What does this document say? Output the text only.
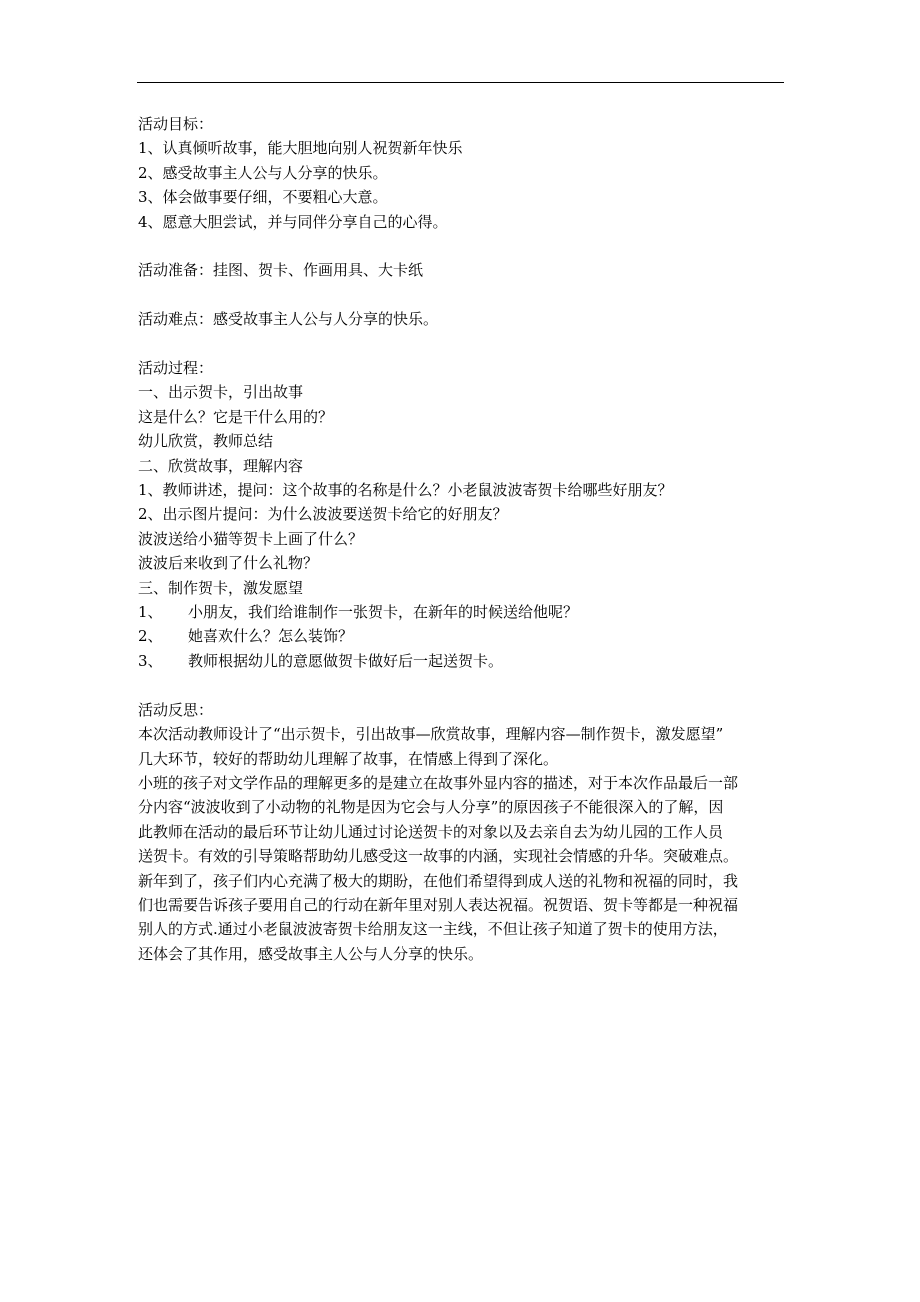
活动目标：
1、认真倾听故事，能大胆地向别人祝贺新年快乐
2、感受故事主人公与人分享的快乐。
3、体会做事要仔细，不要粗心大意。
4、愿意大胆尝试，并与同伴分享自己的心得。
活动准备：挂图、贺卡、作画用具、大卡纸
活动难点：感受故事主人公与人分享的快乐。
活动过程：
一、出示贺卡，引出故事
这是什么？它是干什么用的？
幼儿欣赏，教师总结
二、欣赏故事，理解内容
1、教师讲述，提问：这个故事的名称是什么？小老鼠波波寄贺卡给哪些好朋友？
2、出示图片提问：为什么波波要送贺卡给它的好朋友？
波波送给小猫等贺卡上画了什么？
波波后来收到了什么礼物？
三、制作贺卡，激发愿望
1、 小朋友，我们给谁制作一张贺卡，在新年的时候送给他呢？
2、 她喜欢什么？怎么装饰？
3、 教师根据幼儿的意愿做贺卡做好后一起送贺卡。
活动反思：
本次活动教师设计了“出示贺卡，引出故事—欣赏故事，理解内容—制作贺卡，激发愿望”
几大环节，较好的帮助幼儿理解了故事，在情感上得到了深化。
小班的孩子对文学作品的理解更多的是建立在故事外显内容的描述，对于本次作品最后一部
分内容“波波收到了小动物的礼物是因为它会与人分享”的原因孩子不能很深入的了解，因
此教师在活动的最后环节让幼儿通过讨论送贺卡的对象以及去亲自去为幼儿园的工作人员
送贺卡。有效的引导策略帮助幼儿感受这一故事的内涵，实现社会情感的升华。突破难点。
新年到了，孩子们内心充满了极大的期盼，在他们希望得到成人送的礼物和祝福的同时，我
们也需要告诉孩子要用自己的行动在新年里对别人表达祝福。祝贺语、贺卡等都是一种祝福
别人的方式.通过小老鼠波波寄贺卡给朋友这一主线，不但让孩子知道了贺卡的使用方法，
还体会了其作用，感受故事主人公与人分享的快乐。
